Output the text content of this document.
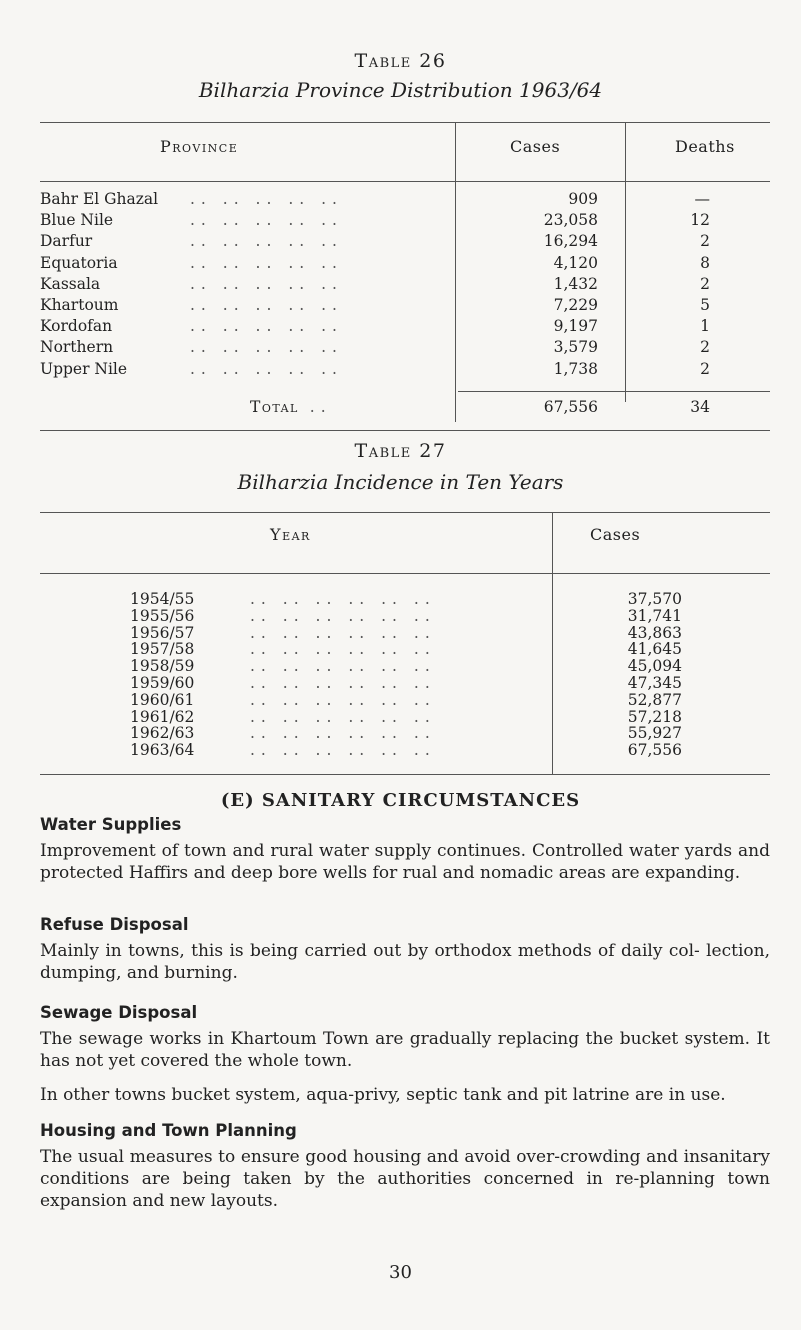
Table 26
Bilharzia Province Distribution 1963/64
Province	Cases	Deaths
Bahr El Ghazal .. .. .. .. ..	909	—
Blue Nile	.. .. .. .. ..	23,058	12
Darfur	.. .. .. .. ..	16,294	2
Equatoria	.. .. .. .. ..	4,120	8
Kassala	.. .. .. .. ..	1,432	2
Khartoum	.. .. .. .. ..	7,229	5
Kordofan	.. .. .. .. ..	9,197	1
Northern	.. .. .. .. ..	3,579	2
Upper Nile	.. .. .. .. ..	1,738	2
Total ..	67,556	34
Table 27
Bilharzia Incidence in Ten Years
Year	Cases
1954/55	.. .. .. .. .. ..	37,570
1955/56	.. .. .. .. .. ..	31,741
1956/57	.. .. .. .. .. ..	43,863
1957/58	.. .. .. .. .. ..	41,645
1958/59	.. .. .. .. .. ..	45,094
1959/60	.. .. .. .. .. ..	47,345
1960/61	.. .. .. .. .. ..	52,877
1961/62	.. .. .. .. .. ..	57,218
1962/63	.. .. .. .. .. ..	55,927
1963/64	.. .. .. .. .. ..	67,556
(E) SANITARY CIRCUMSTANCES
Water Supplies
Improvement of town and rural water supply continues. Controlled water yards and protected Haffirs and deep bore wells for rual and nomadic areas are expanding.
Refuse Disposal
Mainly in towns, this is being carried out by orthodox methods of daily col- lection, dumping, and burning.
Sewage Disposal
The sewage works in Khartoum Town are gradually replacing the bucket system. It has not yet covered the whole town.
In other towns bucket system, aqua-privy, septic tank and pit latrine are in use.
Housing and Town Planning
The usual measures to ensure good housing and avoid over-crowding and insanitary conditions are being taken by the authorities concerned in re-planning town expansion and new layouts.
30
